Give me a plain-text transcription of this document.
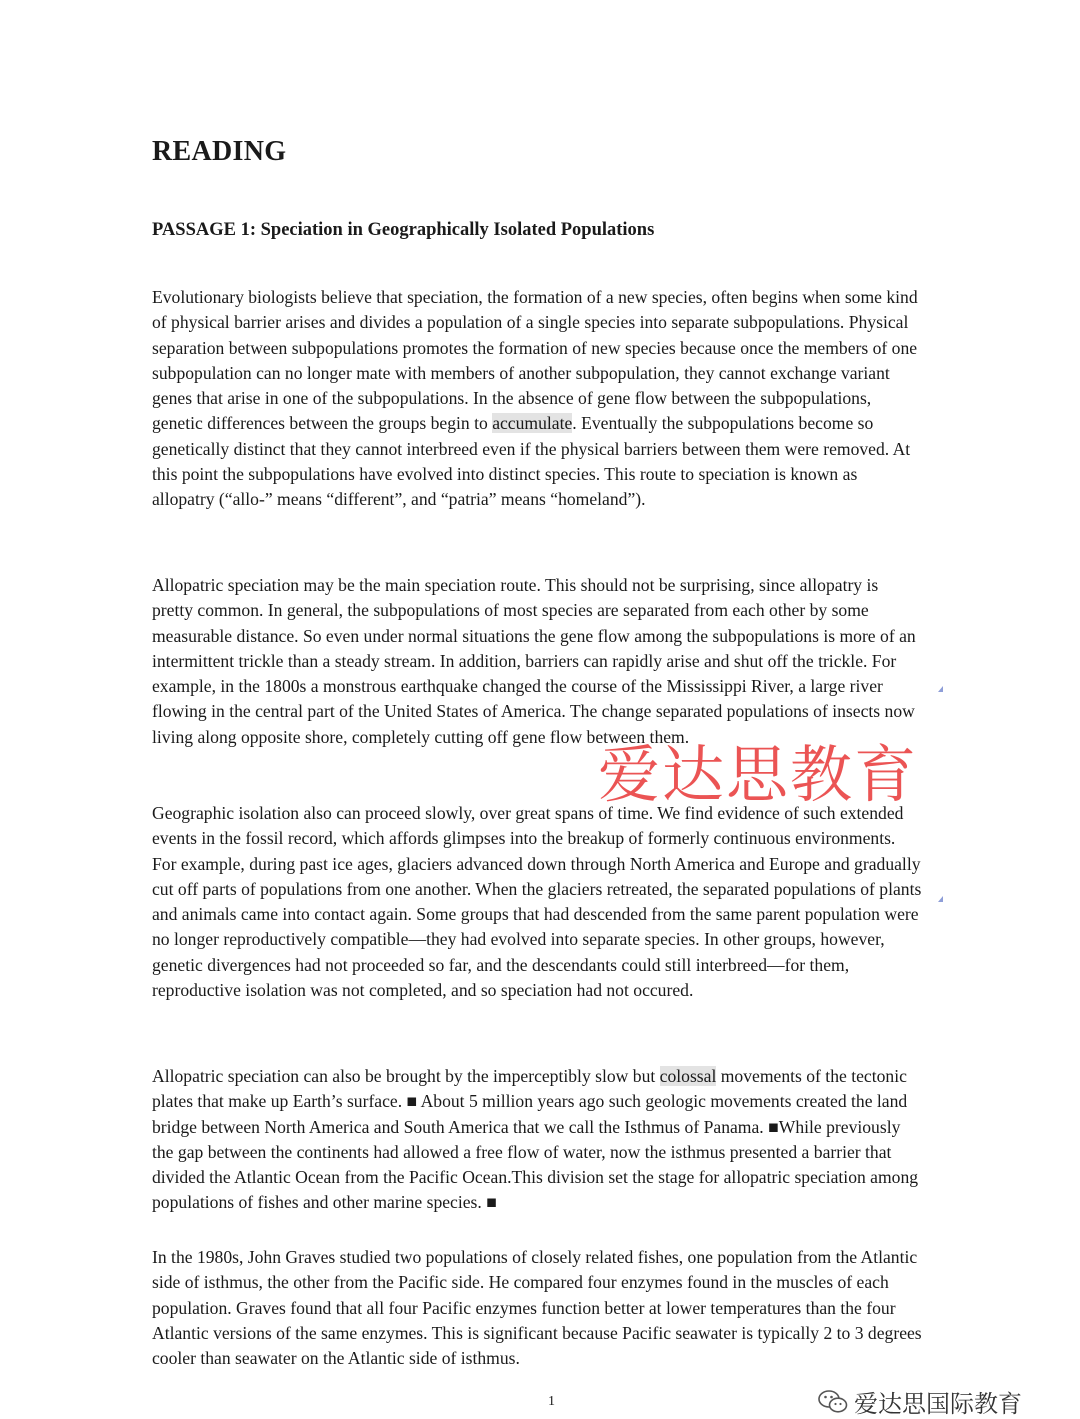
READING
PASSAGE 1: Speciation in Geographically Isolated Populations

Evolutionary biologists believe that speciation, the formation of a new species, often begins when some kind of physical barrier arises and divides a population of a single species into separate subpopulations. Physical separation between subpopulations promotes the formation of new species because once the members of one subpopulation can no longer mate with members of another subpopulation, they cannot exchange variant genes that arise in one of the subpopulations. In the absence of gene flow between the subpopulations, genetic differences between the groups begin to accumulate. Eventually the subpopulations become so genetically distinct that they cannot interbreed even if the physical barriers between them were removed. At this point the subpopulations have evolved into distinct species. This route to speciation is known as allopatry (“allo-” means “different”, and “patria” means “homeland”).

Allopatric speciation may be the main speciation route. This should not be surprising, since allopatry is pretty common. In general, the subpopulations of most species are separated from each other by some measurable distance. So even under normal situations the gene flow among the subpopulations is more of an intermittent trickle than a steady stream. In addition, barriers can rapidly arise and shut off the trickle. For example, in the 1800s a monstrous earthquake changed the course of the Mississippi River, a large river flowing in the central part of the United States of America. The change separated populations of insects now living along opposite shore, completely cutting off gene flow between them.

Geographic isolation also can proceed slowly, over great spans of time. We find evidence of such extended events in the fossil record, which affords glimpses into the breakup of formerly continuous environments. For example, during past ice ages, glaciers advanced down through North America and Europe and gradually cut off parts of populations from one another. When the glaciers retreated, the separated populations of plants and animals came into contact again. Some groups that had descended from the same parent population were no longer reproductively compatible—they had evolved into separate species. In other groups, however, genetic divergences had not proceeded so far, and the descendants could still interbreed—for them, reproductive isolation was not completed, and so speciation had not occured.

Allopatric speciation can also be brought by the imperceptibly slow but colossal movements of the tectonic plates that make up Earth’s surface. ■ About 5 million years ago such geologic movements created the land bridge between North America and South America that we call the Isthmus of Panama. ■While previously the gap between the continents had allowed a free flow of water, now the isthmus presented a barrier that divided the Atlantic Ocean from the Pacific Ocean.This division set the stage for allopatric speciation among populations of fishes and other marine species. ■

In the 1980s, John Graves studied two populations of closely related fishes, one population from the Atlantic side of isthmus, the other from the Pacific side. He compared four enzymes found in the muscles of each population. Graves found that all four Pacific enzymes function better at lower temperatures than the four Atlantic versions of the same enzymes. This is significant because Pacific seawater is typically 2 to 3 degrees cooler than seawater on the Atlantic side of isthmus.

爱达思教育
1	爱达思国际教育
